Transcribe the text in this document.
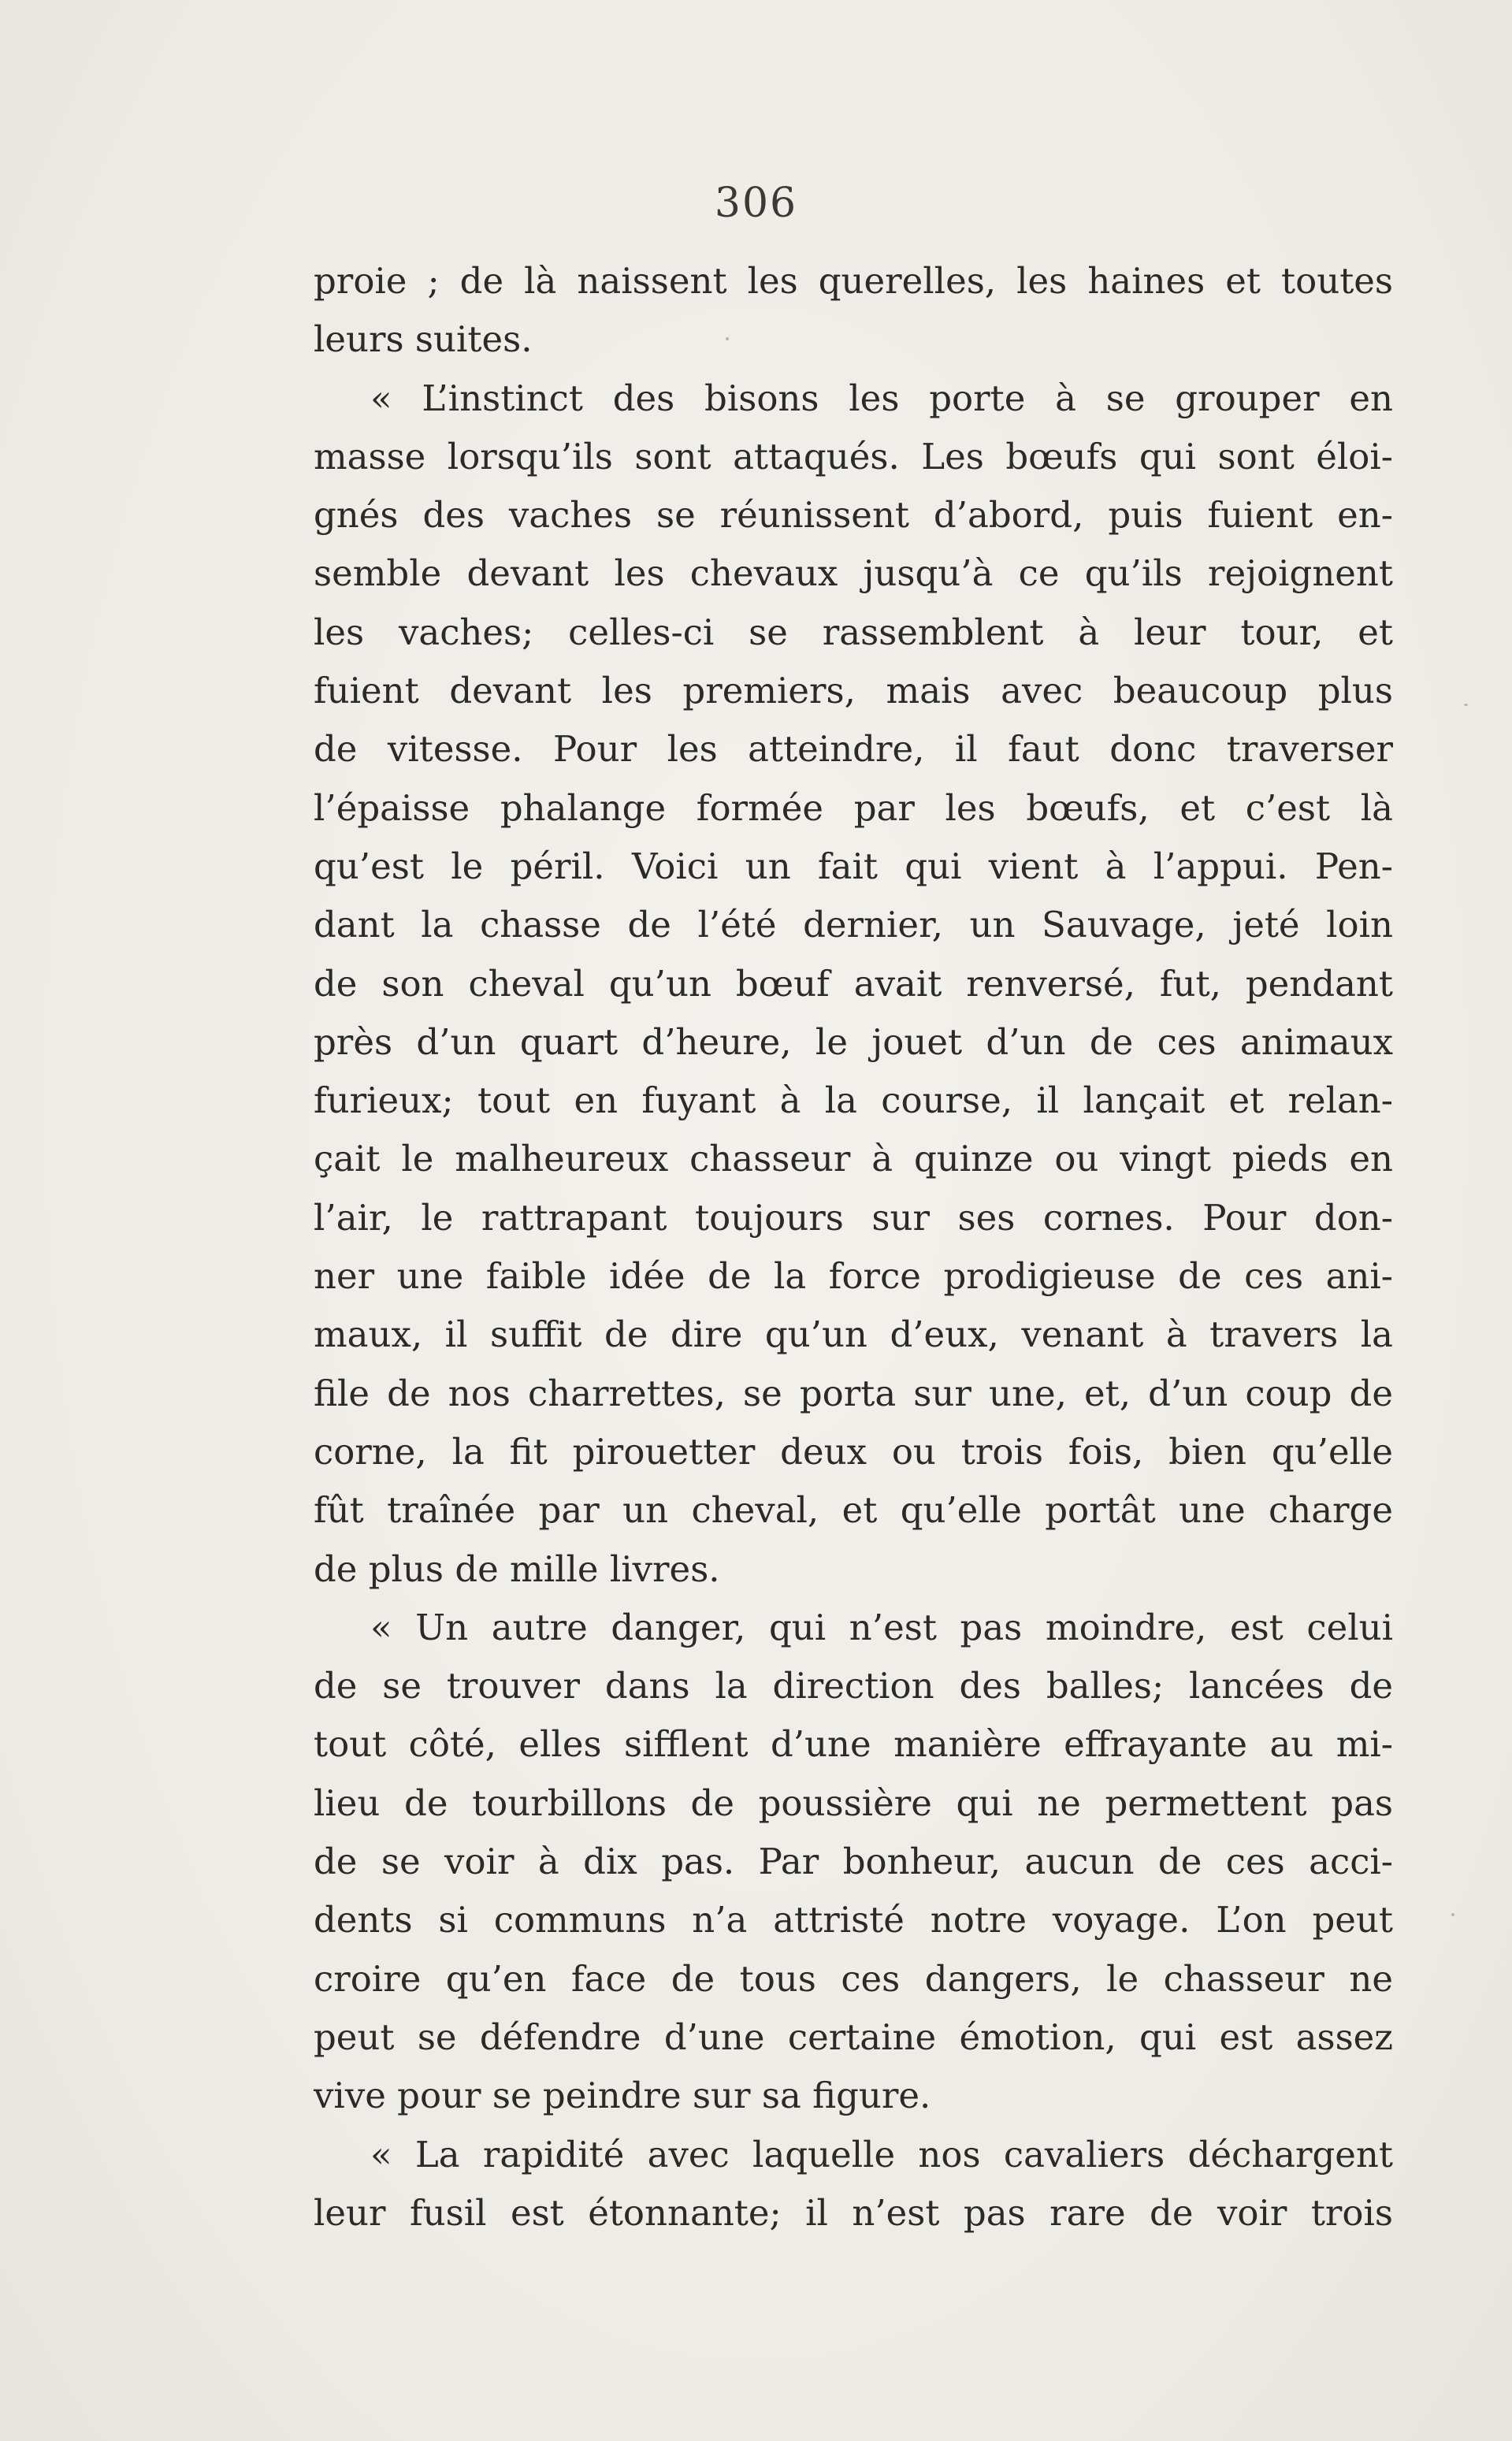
306
proie ; de là naissent les querelles, les haines et toutes
leurs suites.
« L’instinct des bisons les porte à se grouper en
masse lorsqu’ils sont attaqués. Les bœufs qui sont éloi-
gnés des vaches se réunissent d’abord, puis fuient en-
semble devant les chevaux jusqu’à ce qu’ils rejoignent
les vaches; celles-ci se rassemblent à leur tour, et
fuient devant les premiers, mais avec beaucoup plus
de vitesse. Pour les atteindre, il faut donc traverser
l’épaisse phalange formée par les bœufs, et c’est là
qu’est le péril. Voici un fait qui vient à l’appui. Pen-
dant la chasse de l’été dernier, un Sauvage, jeté loin
de son cheval qu’un bœuf avait renversé, fut, pendant
près d’un quart d’heure, le jouet d’un de ces animaux
furieux; tout en fuyant à la course, il lançait et relan-
çait le malheureux chasseur à quinze ou vingt pieds en
l’air, le rattrapant toujours sur ses cornes. Pour don-
ner une faible idée de la force prodigieuse de ces ani-
maux, il suffit de dire qu’un d’eux, venant à travers la
file de nos charrettes, se porta sur une, et, d’un coup de
corne, la fit pirouetter deux ou trois fois, bien qu’elle
fût traînée par un cheval, et qu’elle portât une charge
de plus de mille livres.
« Un autre danger, qui n’est pas moindre, est celui
de se trouver dans la direction des balles; lancées de
tout côté, elles sifflent d’une manière effrayante au mi-
lieu de tourbillons de poussière qui ne permettent pas
de se voir à dix pas. Par bonheur, aucun de ces acci-
dents si communs n’a attristé notre voyage. L’on peut
croire qu’en face de tous ces dangers, le chasseur ne
peut se défendre d’une certaine émotion, qui est assez
vive pour se peindre sur sa figure.
« La rapidité avec laquelle nos cavaliers déchargent
leur fusil est étonnante; il n’est pas rare de voir trois
